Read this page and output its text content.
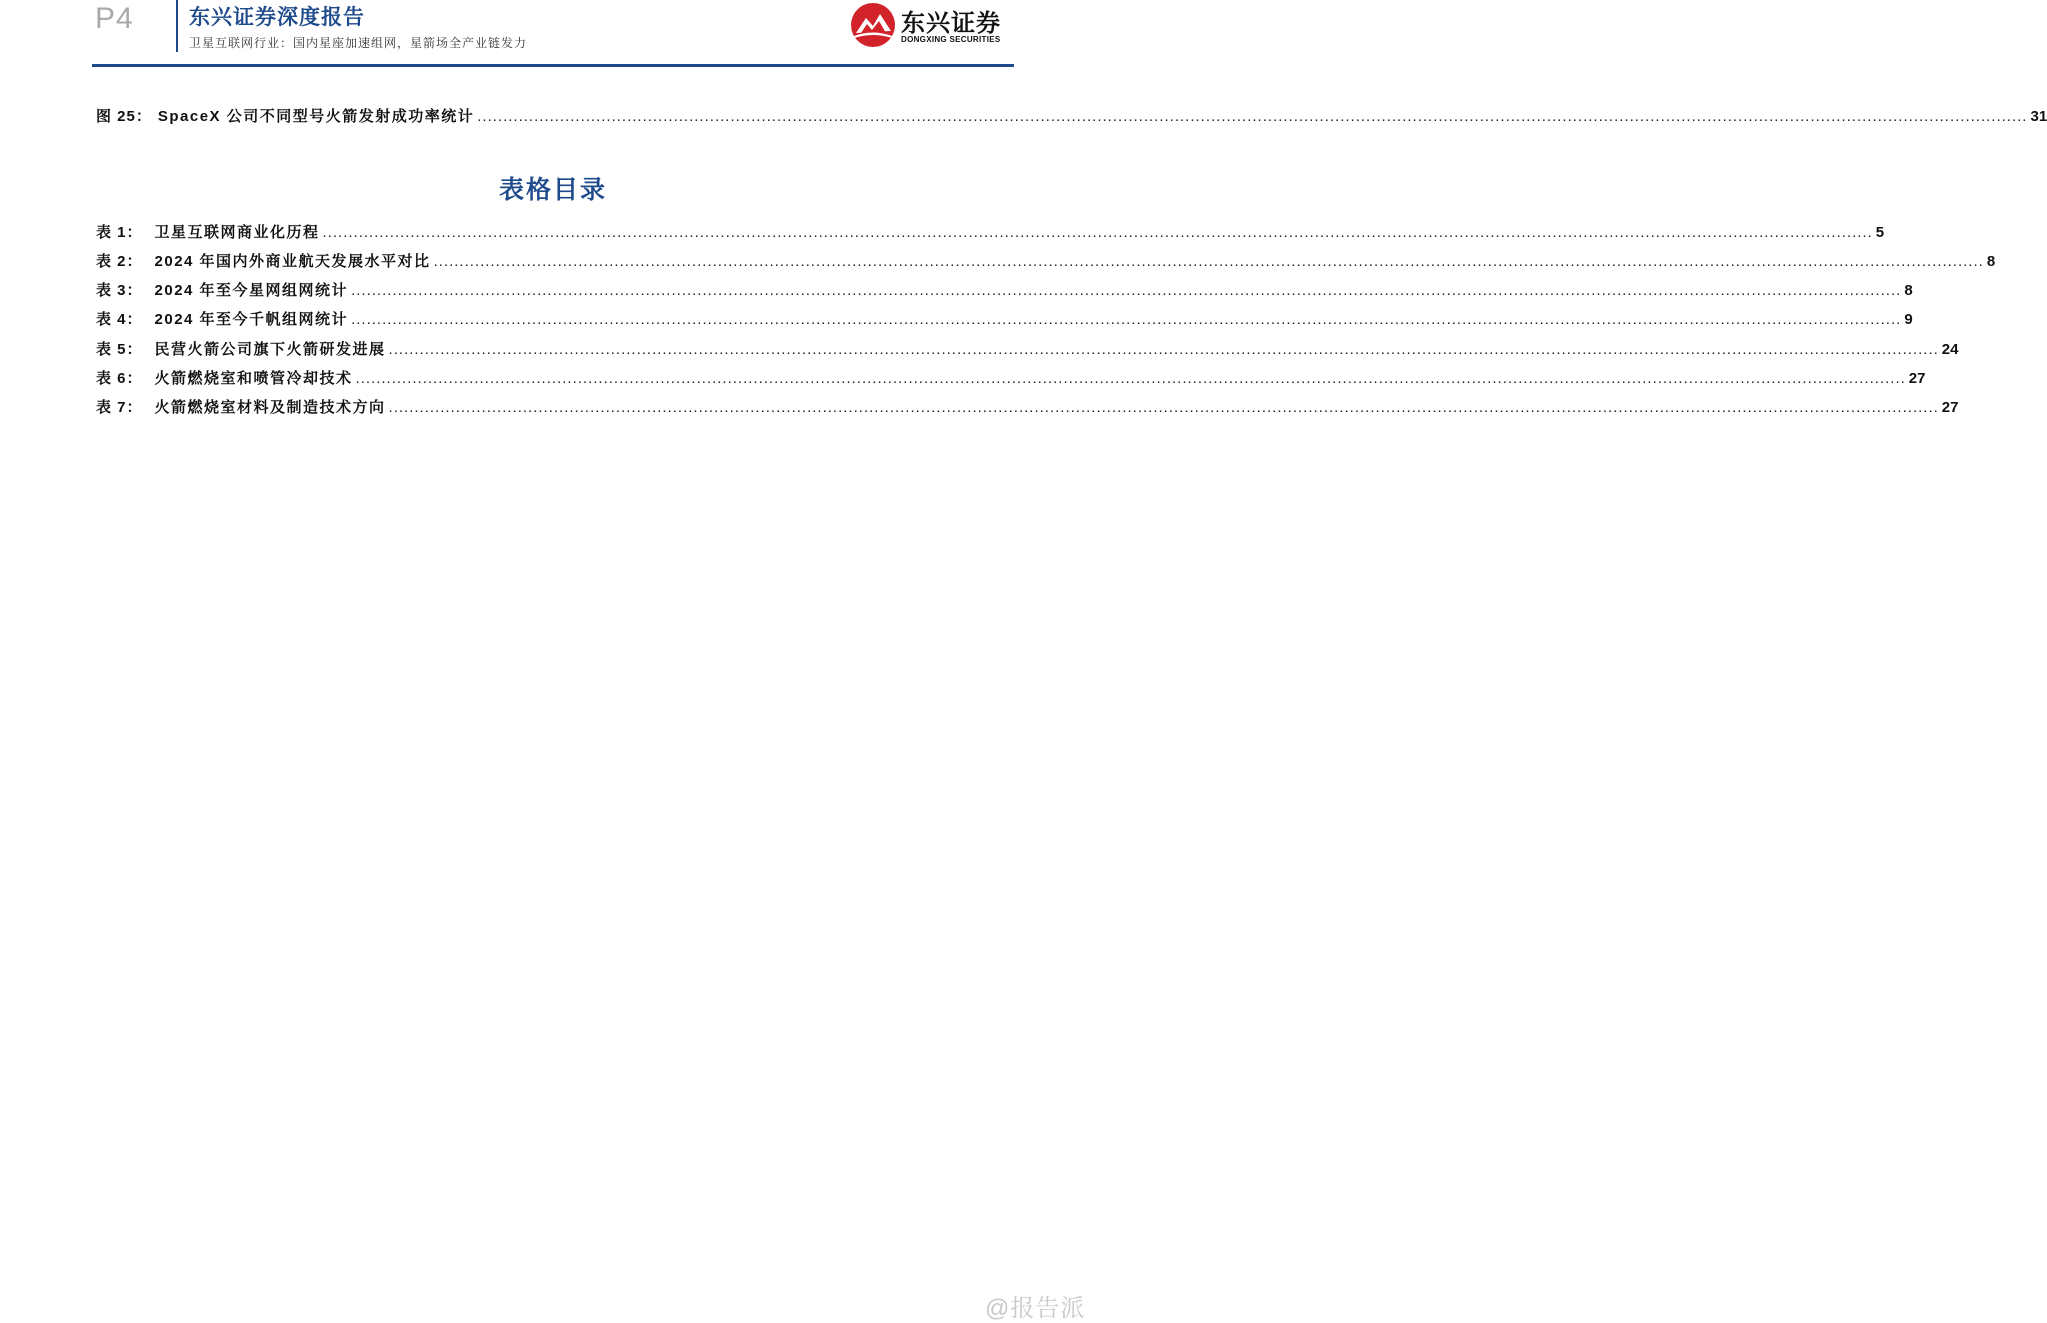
P4	东兴证券深度报告
卫星互联网行业：国内星座加速组网，星箭场全产业链发力
东兴证券
DONGXING SECURITIES
图 25： SpaceX 公司不同型号火箭发射成功率统计 ............................................................................................................................................................................................................................................................................................................ 31
表格目录
表 1： 卫星互联网商业化历程 ............................................................................................................................................................................................................................................................................................................ 5
表 2： 2024 年国内外商业航天发展水平对比 ............................................................................................................................................................................................................................................................................................................ 8
表 3： 2024 年至今星网组网统计 ............................................................................................................................................................................................................................................................................................................ 8
表 4： 2024 年至今千帆组网统计 ............................................................................................................................................................................................................................................................................................................ 9
表 5： 民营火箭公司旗下火箭研发进展 ............................................................................................................................................................................................................................................................................................................ 24
表 6： 火箭燃烧室和喷管冷却技术 ............................................................................................................................................................................................................................................................................................................ 27
表 7： 火箭燃烧室材料及制造技术方向 ............................................................................................................................................................................................................................................................................................................ 27
@报告派
